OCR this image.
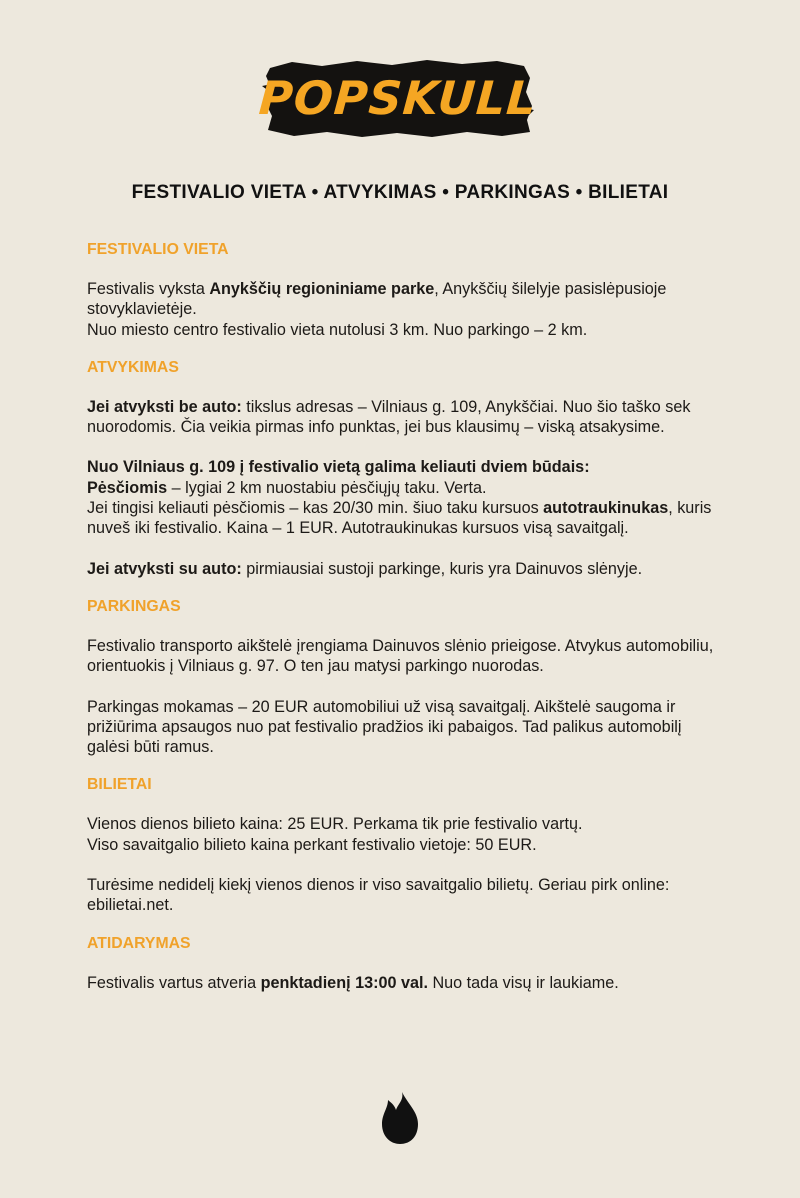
POPSKULL
FESTIVALIO VIETA • ATVYKIMAS • PARKINGAS • BILIETAI
FESTIVALIO VIETA

Festivalis vyksta Anykščių regioniniame parke, Anykščių šilelyje pasislėpusioje stovyklavietėje.
Nuo miesto centro festivalio vieta nutolusi 3 km. Nuo parkingo – 2 km.

ATVYKIMAS

Jei atvyksti be auto: tikslus adresas – Vilniaus g. 109, Anykščiai. Nuo šio taško sek nuorodomis. Čia veikia pirmas info punktas, jei bus klausimų – viską atsakysime.

Nuo Vilniaus g. 109 į festivalio vietą galima keliauti dviem būdais:
Pėsčiomis – lygiai 2 km nuostabiu pėsčiųjų taku. Verta.
Jei tingisi keliauti pėsčiomis – kas 20/30 min. šiuo taku kursuos autotraukinukas, kuris nuveš iki festivalio. Kaina – 1 EUR. Autotraukinukas kursuos visą savaitgalį.

Jei atvyksti su auto: pirmiausiai sustoji parkinge, kuris yra Dainuvos slėnyje.

PARKINGAS

Festivalio transporto aikštelė įrengiama Dainuvos slėnio prieigose. Atvykus automobiliu, orientuokis į Vilniaus g. 97. O ten jau matysi parkingo nuorodas.

Parkingas mokamas – 20 EUR automobiliui už visą savaitgalį. Aikštelė saugoma ir prižiūrima apsaugos nuo pat festivalio pradžios iki pabaigos. Tad palikus automobilį galėsi būti ramus.

BILIETAI

Vienos dienos bilieto kaina: 25 EUR. Perkama tik prie festivalio vartų.
Viso savaitgalio bilieto kaina perkant festivalio vietoje: 50 EUR.

Turėsime nedidelį kiekį vienos dienos ir viso savaitgalio bilietų. Geriau pirk online: ebilietai.net.

ATIDARYMAS

Festivalis vartus atveria penktadienį 13:00 val. Nuo tada visų ir laukiame.
